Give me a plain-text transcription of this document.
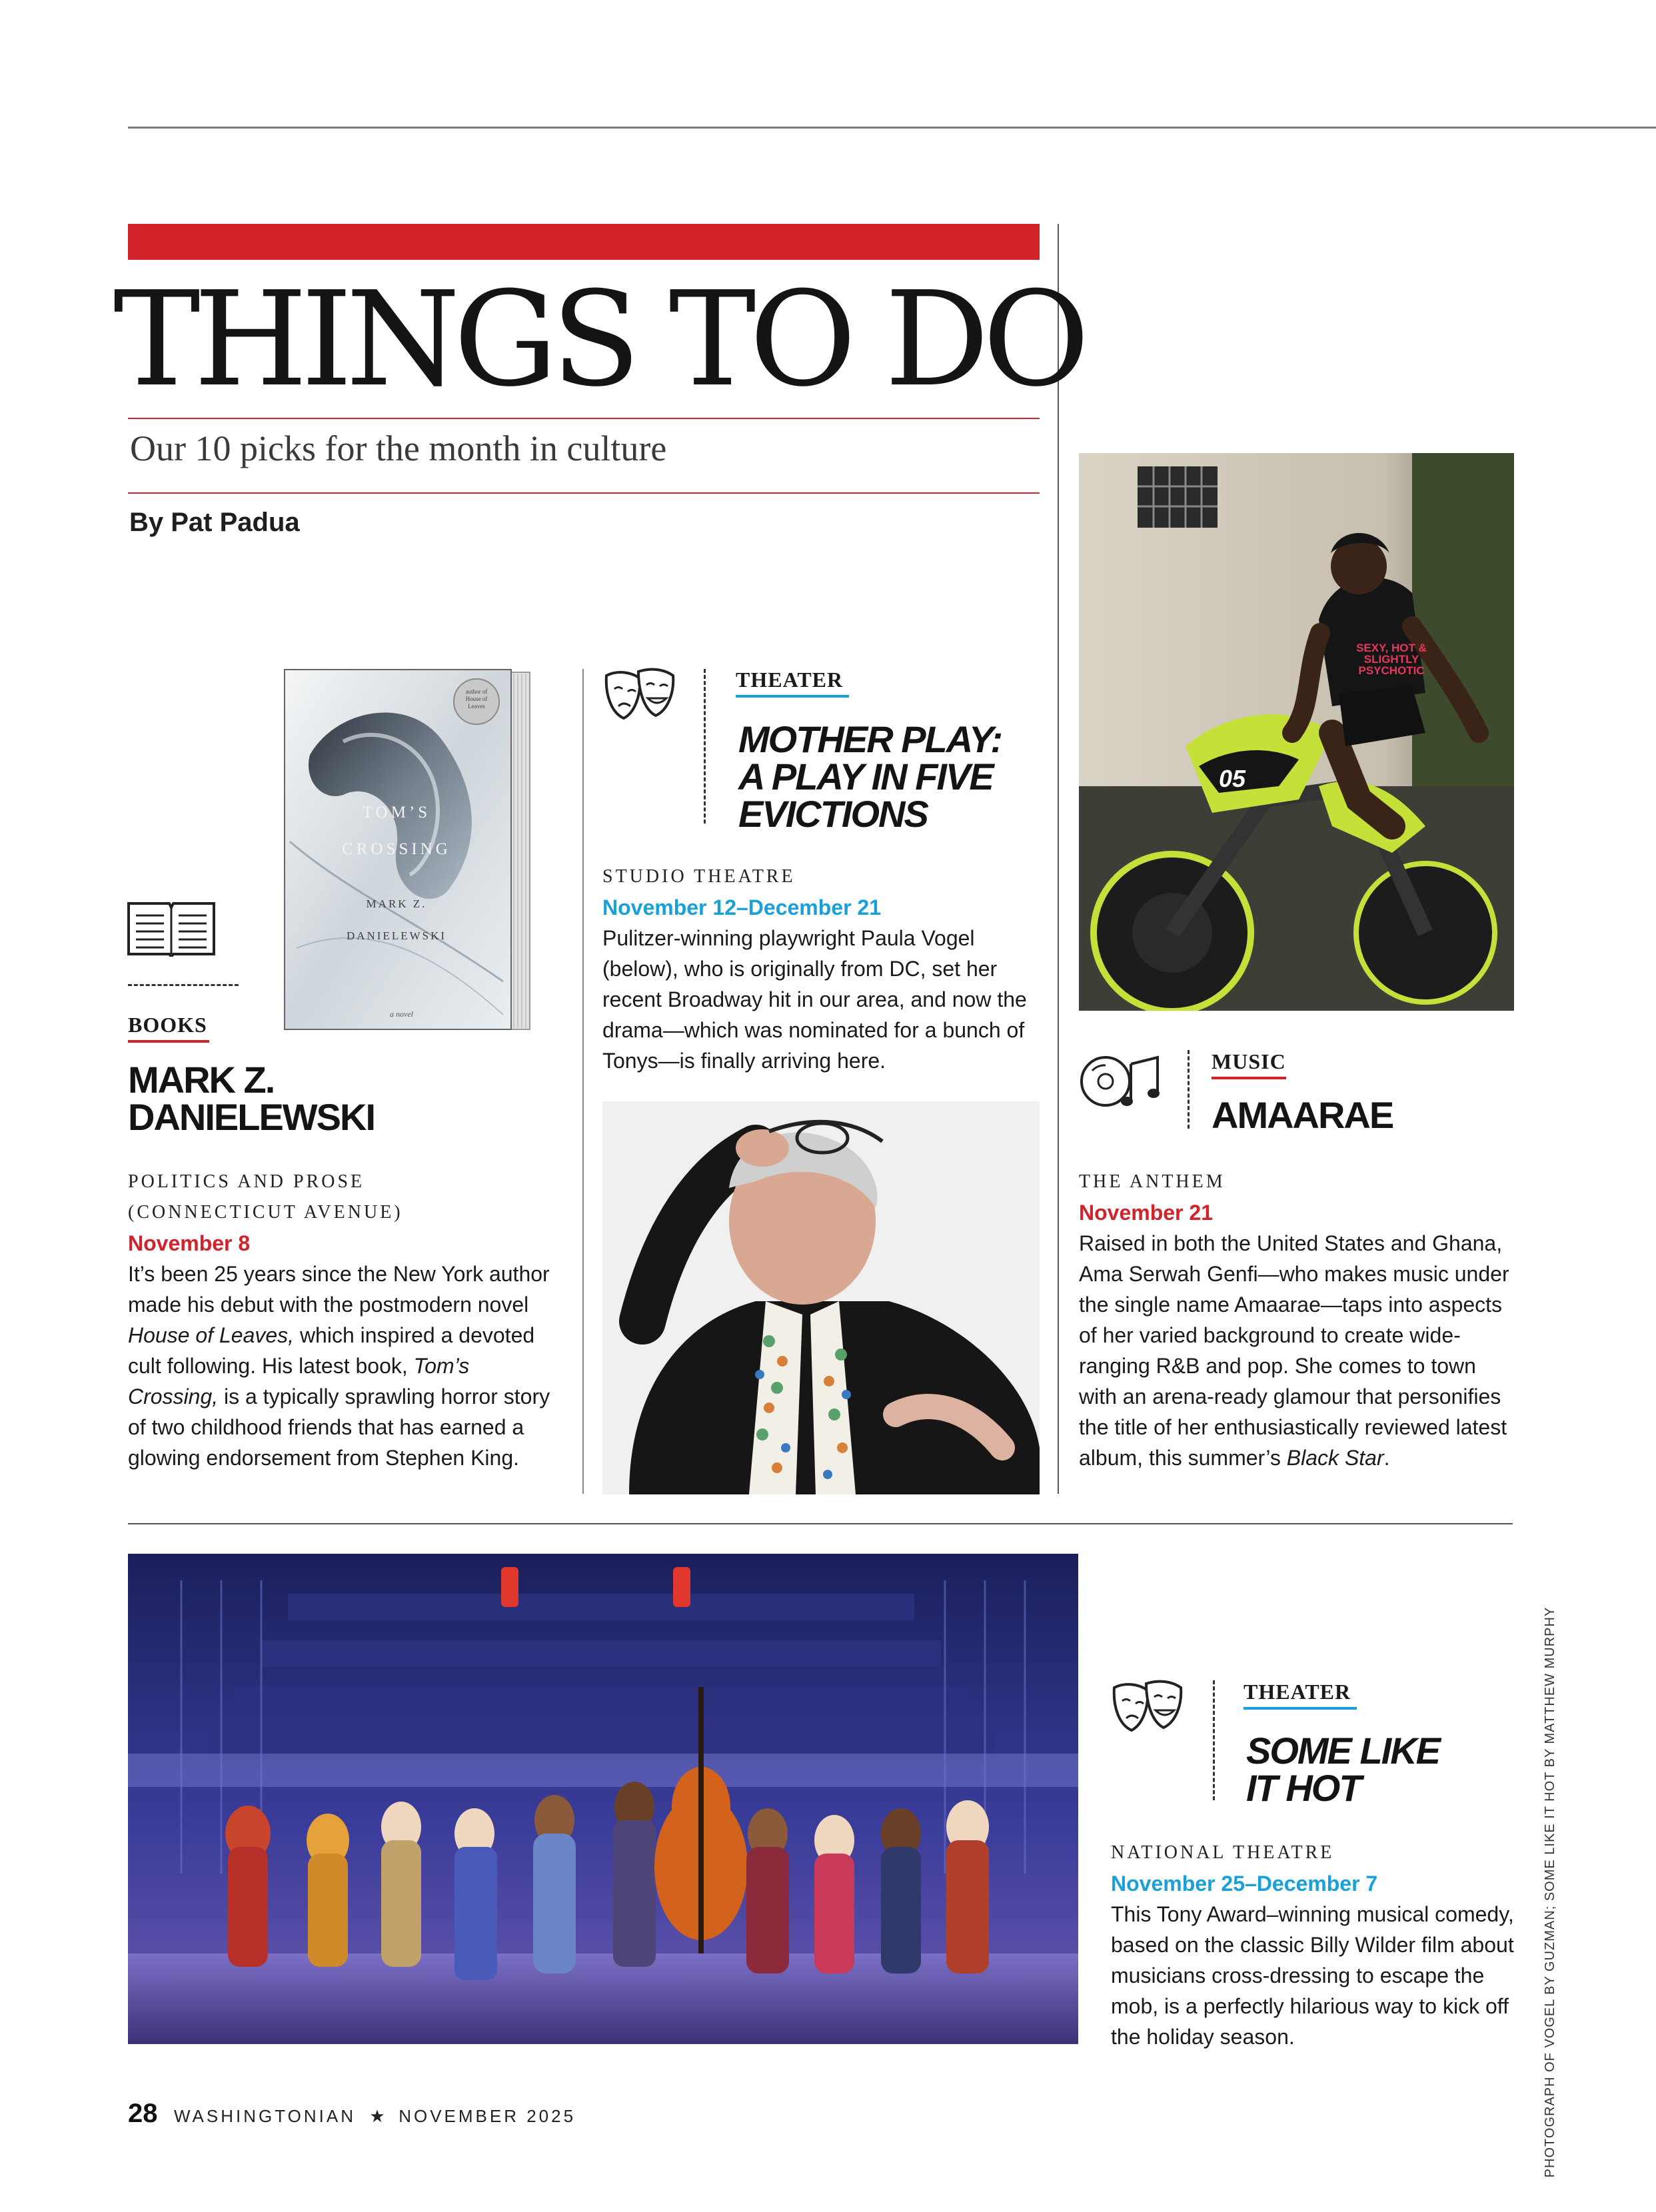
THINGS TO DO
Our 10 picks for the month in culture
By Pat Padua
author of House of Leaves
TOM’S
CROSSING
MARK Z.
DANIELEWSKI
a novel
BOOKS
MARK Z. DANIELEWSKI
POLITICS AND PROSE
(CONNECTICUT AVENUE)
November 8

It’s been 25 years since the New York author made his debut with the postmodern novel House of Leaves, which inspired a devoted cult following. His latest book, Tom’s Crossing, is a typically sprawling horror story of two childhood friends that has earned a glowing endorsement from Stephen King.

THEATER
MOTHER PLAY:
A PLAY IN FIVE
EVICTIONS
STUDIO THEATRE
November 12–December 21

Pulitzer-winning playwright Paula Vogel (below), who is originally from DC, set her recent Broadway hit in our area, and now the drama—which was nominated for a bunch of Tonys—is finally arriving here.

SEXY, HOT & SLIGHTLY PSYCHOTIC
05
MUSIC
AMAARAE
THE ANTHEM
November 21

Raised in both the United States and Ghana, Ama Serwah Genfi—who makes music under the single name Amaarae—taps into aspects of her varied background to create wide-ranging R&B and pop. She comes to town with an arena-ready glamour that personifies the title of her enthusiastically reviewed latest album, this summer’s Black Star.

THEATER
SOME LIKE
IT HOT
NATIONAL THEATRE
November 25–December 7

This Tony Award–winning musical comedy, based on the classic Billy Wilder film about musicians cross-dressing to escape the mob, is a perfectly hilarious way to kick off the holiday season.	PHOTOGRAPH OF VOGEL BY GUZMAN; SOME LIKE IT HOT BY MATTHEW MURPHY
28 WASHINGTONIAN ★ NOVEMBER 2025
